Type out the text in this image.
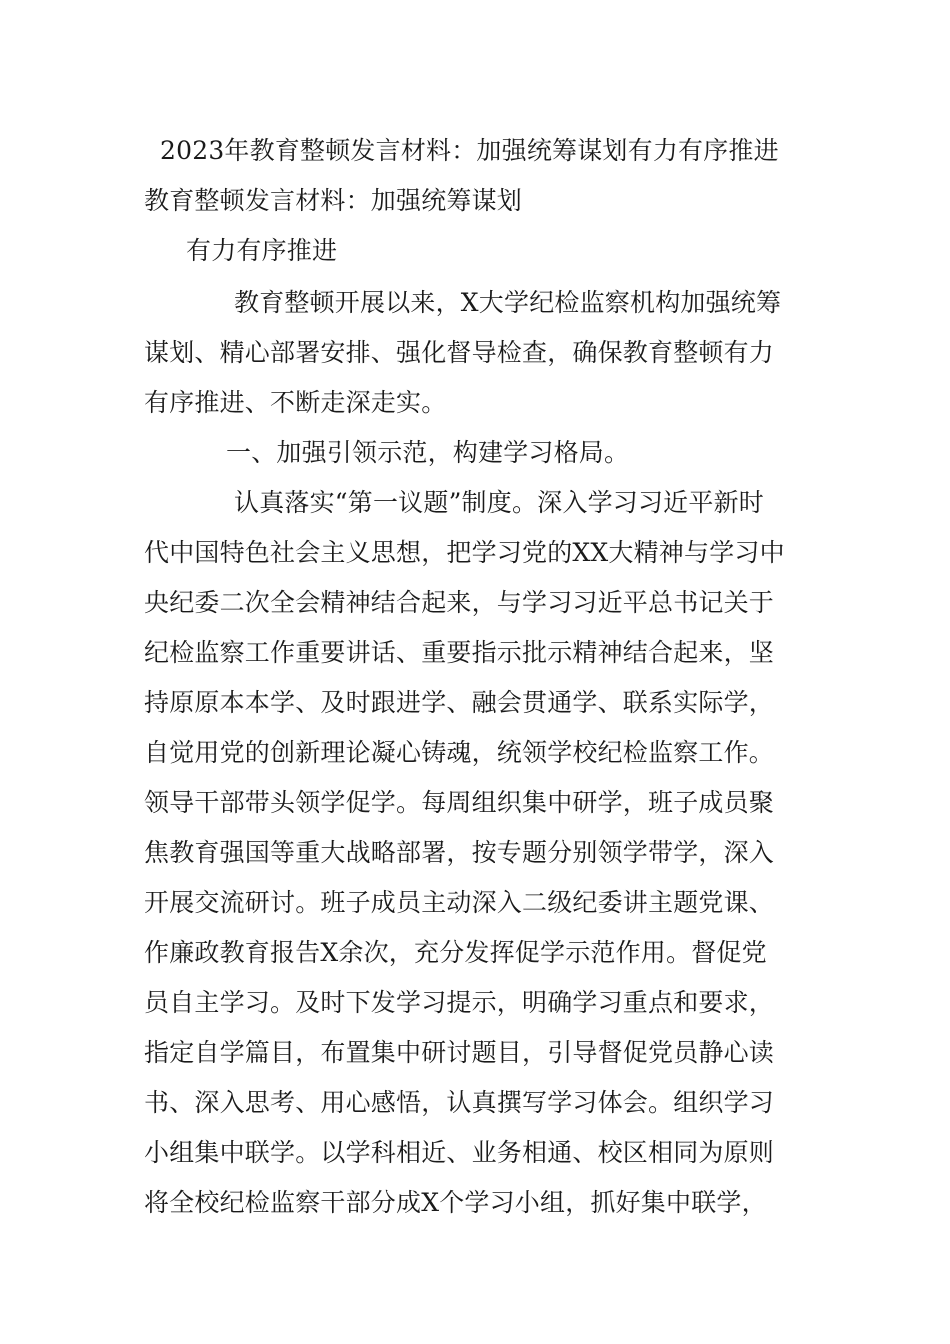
2023年教育整顿发言材料：加强统筹谋划有力有序推进

教育整顿发言材料：加强统筹谋划

有力有序推进

教育整顿开展以来，X大学纪检监察机构加强统筹

谋划、精心部署安排、强化督导检查，确保教育整顿有力

有序推进、不断走深走实。

一、加强引领示范，构建学习格局。

认真落实“第一议题”制度。深入学习习近平新时

代中国特色社会主义思想，把学习党的XX大精神与学习中

央纪委二次全会精神结合起来，与学习习近平总书记关于

纪检监察工作重要讲话、重要指示批示精神结合起来，坚

持原原本本学、及时跟进学、融会贯通学、联系实际学，

自觉用党的创新理论凝心铸魂，统领学校纪检监察工作。

领导干部带头领学促学。每周组织集中研学，班子成员聚

焦教育强国等重大战略部署，按专题分别领学带学，深入

开展交流研讨。班子成员主动深入二级纪委讲主题党课、

作廉政教育报告X余次，充分发挥促学示范作用。督促党

员自主学习。及时下发学习提示，明确学习重点和要求，

指定自学篇目，布置集中研讨题目，引导督促党员静心读

书、深入思考、用心感悟，认真撰写学习体会。组织学习

小组集中联学。以学科相近、业务相通、校区相同为原则

将全校纪检监察干部分成X个学习小组，抓好集中联学，
